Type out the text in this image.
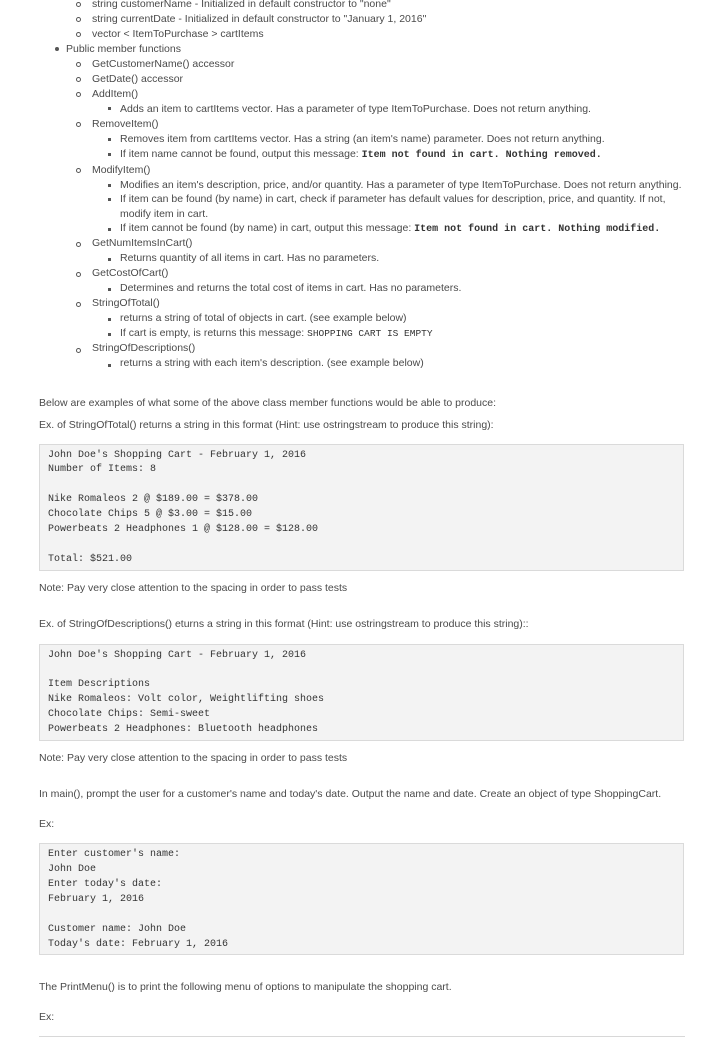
string customerName - Initialized in default constructor to "none"
string currentDate - Initialized in default constructor to "January 1, 2016"
vector < ItemToPurchase > cartItems
Public member functions
GetCustomerName() accessor
GetDate() accessor
AddItem()
Adds an item to cartItems vector. Has a parameter of type ItemToPurchase. Does not return anything.
RemoveItem()
Removes item from cartItems vector. Has a string (an item's name) parameter. Does not return anything.
If item name cannot be found, output this message: Item not found in cart. Nothing removed.
ModifyItem()
Modifies an item's description, price, and/or quantity. Has a parameter of type ItemToPurchase. Does not return anything.
If item can be found (by name) in cart, check if parameter has default values for description, price, and quantity. If not,
modify item in cart.
If item cannot be found (by name) in cart, output this message: Item not found in cart. Nothing modified.
GetNumItemsInCart()
Returns quantity of all items in cart. Has no parameters.
GetCostOfCart()
Determines and returns the total cost of items in cart. Has no parameters.
StringOfTotal()
returns a string of total of objects in cart. (see example below)
If cart is empty, is returns this message: SHOPPING CART IS EMPTY
StringOfDescriptions()
returns a string with each item's description. (see example below)
Below are examples of what some of the above class member functions would be able to produce:
Ex. of StringOfTotal() returns a string in this format (Hint: use ostringstream to produce this string):
John Doe's Shopping Cart - February 1, 2016
Number of Items: 8
Nike Romaleos 2 @ $189.00 = $378.00
Chocolate Chips 5 @ $3.00 = $15.00
Powerbeats 2 Headphones 1 @ $128.00 = $128.00
Total: $521.00
Note: Pay very close attention to the spacing in order to pass tests
Ex. of StringOfDescriptions() eturns a string in this format (Hint: use ostringstream to produce this string)::
John Doe's Shopping Cart - February 1, 2016
Item Descriptions
Nike Romaleos: Volt color, Weightlifting shoes
Chocolate Chips: Semi-sweet
Powerbeats 2 Headphones: Bluetooth headphones
Note: Pay very close attention to the spacing in order to pass tests
In main(), prompt the user for a customer's name and today's date. Output the name and date. Create an object of type ShoppingCart.
Ex:
Enter customer's name:
John Doe
Enter today's date:
February 1, 2016
Customer name: John Doe
Today's date: February 1, 2016
The PrintMenu() is to print the following menu of options to manipulate the shopping cart.
Ex:
